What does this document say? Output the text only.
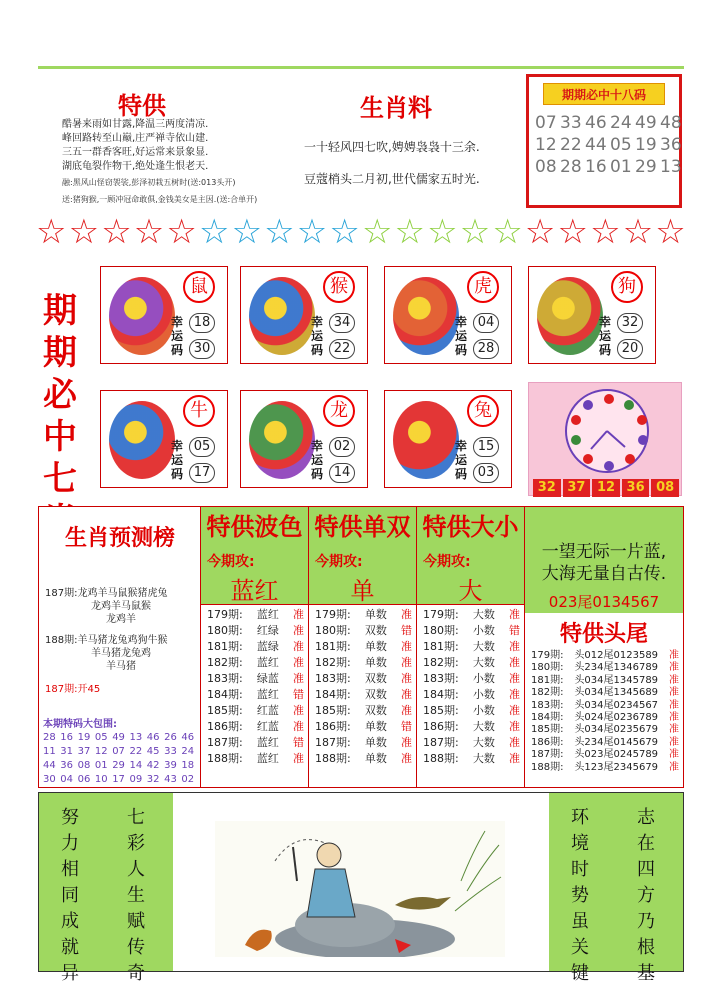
特供
酷暑来雨如甘露,降温三两度清凉.
峰回路转至山巅,庄严禅寺依山建.
三五一群香客旺,好运常来景象显.
湖底龟裂作物干,绝处逢生恨老天.
融:黑风山怪窃袈裟,彭泽初栽五树时(送:013头开)
送:猪狗猴,一顾冲冠命敢俱,金钱美女是主因.(送:合单开)
生肖料
一十轻风四七吹,娉娉袅袅十三余.
豆蔻梢头二月初,世代儒家五时光.
期期必中十八码
07 33 46 24 49 48
12 22 44 05 19 36
08 28 16 01 29 13
☆ ☆ ☆ ☆ ☆ ☆ ☆ ☆ ☆ ☆ ☆ ☆ ☆ ☆ ☆ ☆ ☆ ☆ ☆ ☆
期
期
必
中
七
鼠
幸运码
18
30
猴
幸运码
34
22
虎
幸运码
04
28
狗
幸运码
32
20
牛
幸运码
05
17
龙
幸运码
02
14
兔
幸运码
15
03
32 37 12 36 08
生肖预测榜
187期:龙鸡羊马鼠猴猪虎兔
龙鸡羊马鼠猴
龙鸡羊
188期:羊马猪龙兔鸡狗牛猴
羊马猪龙兔鸡
羊马猪
187期:开45
本期特码大包围:
28 16 19 05 49 13 46 26 46
11 31 37 12 07 22 45 33 24
44 36 08 01 29 14 42 39 18
30 04 06 10 17 09 32 43 02
特供波色
今期攻:
蓝红
179期: 蓝红 准
180期: 红绿 准
181期: 蓝绿 准
182期: 蓝红 准
183期: 绿蓝 准
184期: 蓝红 错
185期: 红蓝 准
186期: 红蓝 准
187期: 蓝红 错
188期: 蓝红 准
特供单双
今期攻:
单
179期: 单数 准
180期: 双数 错
181期: 单数 准
182期: 单数 准
183期: 双数 准
184期: 双数 准
185期: 双数 准
186期: 单数 错
187期: 单数 准
188期: 单数 准
特供大小
今期攻:
大
179期: 大数 准
180期: 小数 错
181期: 大数 准
182期: 大数 准
183期: 小数 准
184期: 小数 准
185期: 小数 准
186期: 大数 准
187期: 大数 准
188期: 大数 准
一望无际一片蓝,
大海无量自古传.
023尾0134567
特供头尾
179期: 头012尾0123589 准
180期: 头234尾1346789 准
181期: 头034尾1345789 准
182期: 头034尾1345689 准
183期: 头034尾0234567 准
184期: 头024尾0236789 准
185期: 头034尾0235679 准
186期: 头234尾0145679 准
187期: 头023尾0245789 准
188期: 头123尾2345679 准
努
力
相
同
成
就
异
七
彩
人
生
赋
传
奇
环
境
时
势
虽
关
键
志
在
四
方
乃
根
基
